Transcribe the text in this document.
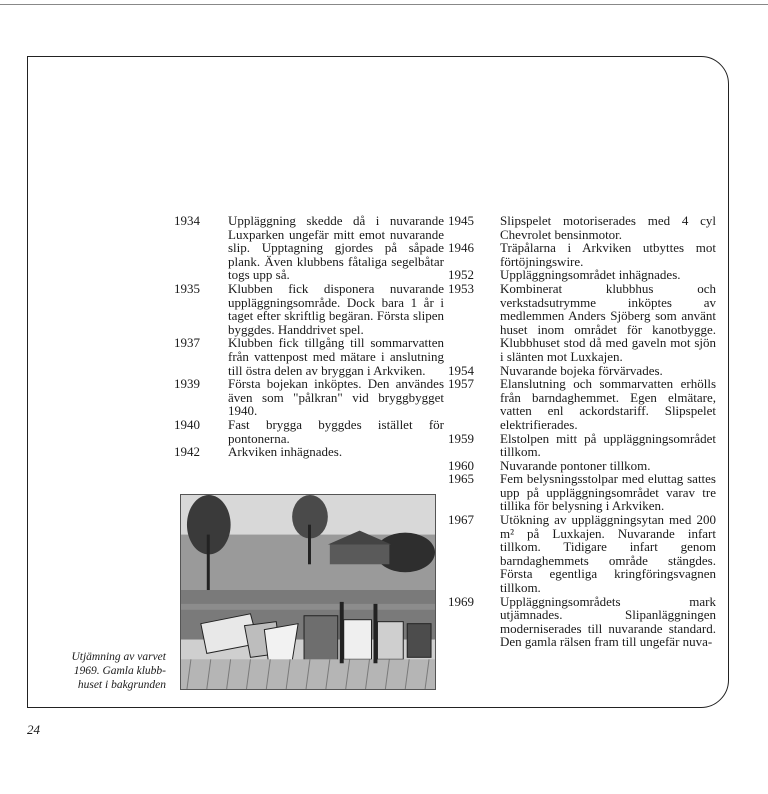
1934	Uppläggning skedde då i nuvarande Luxparken ungefär mitt emot nuvarande slip. Upptagning gjordes på såpade plank. Även klubbens fåtaliga segelbåtar togs upp så.
1935	Klubben fick disponera nuvarande uppläggningsområde. Dock bara 1 år i taget efter skriftlig begäran. Första slipen byggdes. Handdrivet spel.
1937	Klubben fick tillgång till sommarvatten från vattenpost med mätare i anslutning till östra delen av bryggan i Arkviken.
1939	Första bojekan inköptes. Den användes även som "pålkran" vid bryggbygget 1940.
1940	Fast brygga byggdes istället för pontonerna.
1942	Arkviken inhägnades.
1945	Slipspelet motoriserades med 4 cyl Chevrolet bensinmotor.
1946	Träpålarna i Arkviken utbyttes mot förtöjningswire.
1952	Uppläggningsområdet inhägnades.
1953	Kombinerat klubbhus och verkstadsutrymme inköptes av medlemmen Anders Sjöberg som använt huset inom området för kanotbygge. Klubbhuset stod då med gaveln mot sjön i slänten mot Luxkajen.
1954	Nuvarande bojeka förvärvades.
1957	Elanslutning och sommarvatten erhölls från barndaghemmet. Egen elmätare, vatten enl ackordstariff. Slipspelet elektrifierades.
1959	Elstolpen mitt på uppläggningsområdet tillkom.
1960	Nuvarande pontoner tillkom.
1965	Fem belysningsstolpar med eluttag sattes upp på uppläggningsområdet varav tre tillika för belysning i Arkviken.
1967	Utökning av uppläggningsytan med 200 m² på Luxkajen. Nuvarande infart tillkom. Tidigare infart genom barndaghemmets område stängdes. Första egentliga kringföringsvagnen tillkom.
1969	Uppläggningsområdets mark utjämnades. Slipanläggningen moderniserades till nuvarande standard. Den gamla rälsen fram till ungefär nuva-
Utjämning av varvet
1969. Gamla klubb-
huset i bakgrunden
24
